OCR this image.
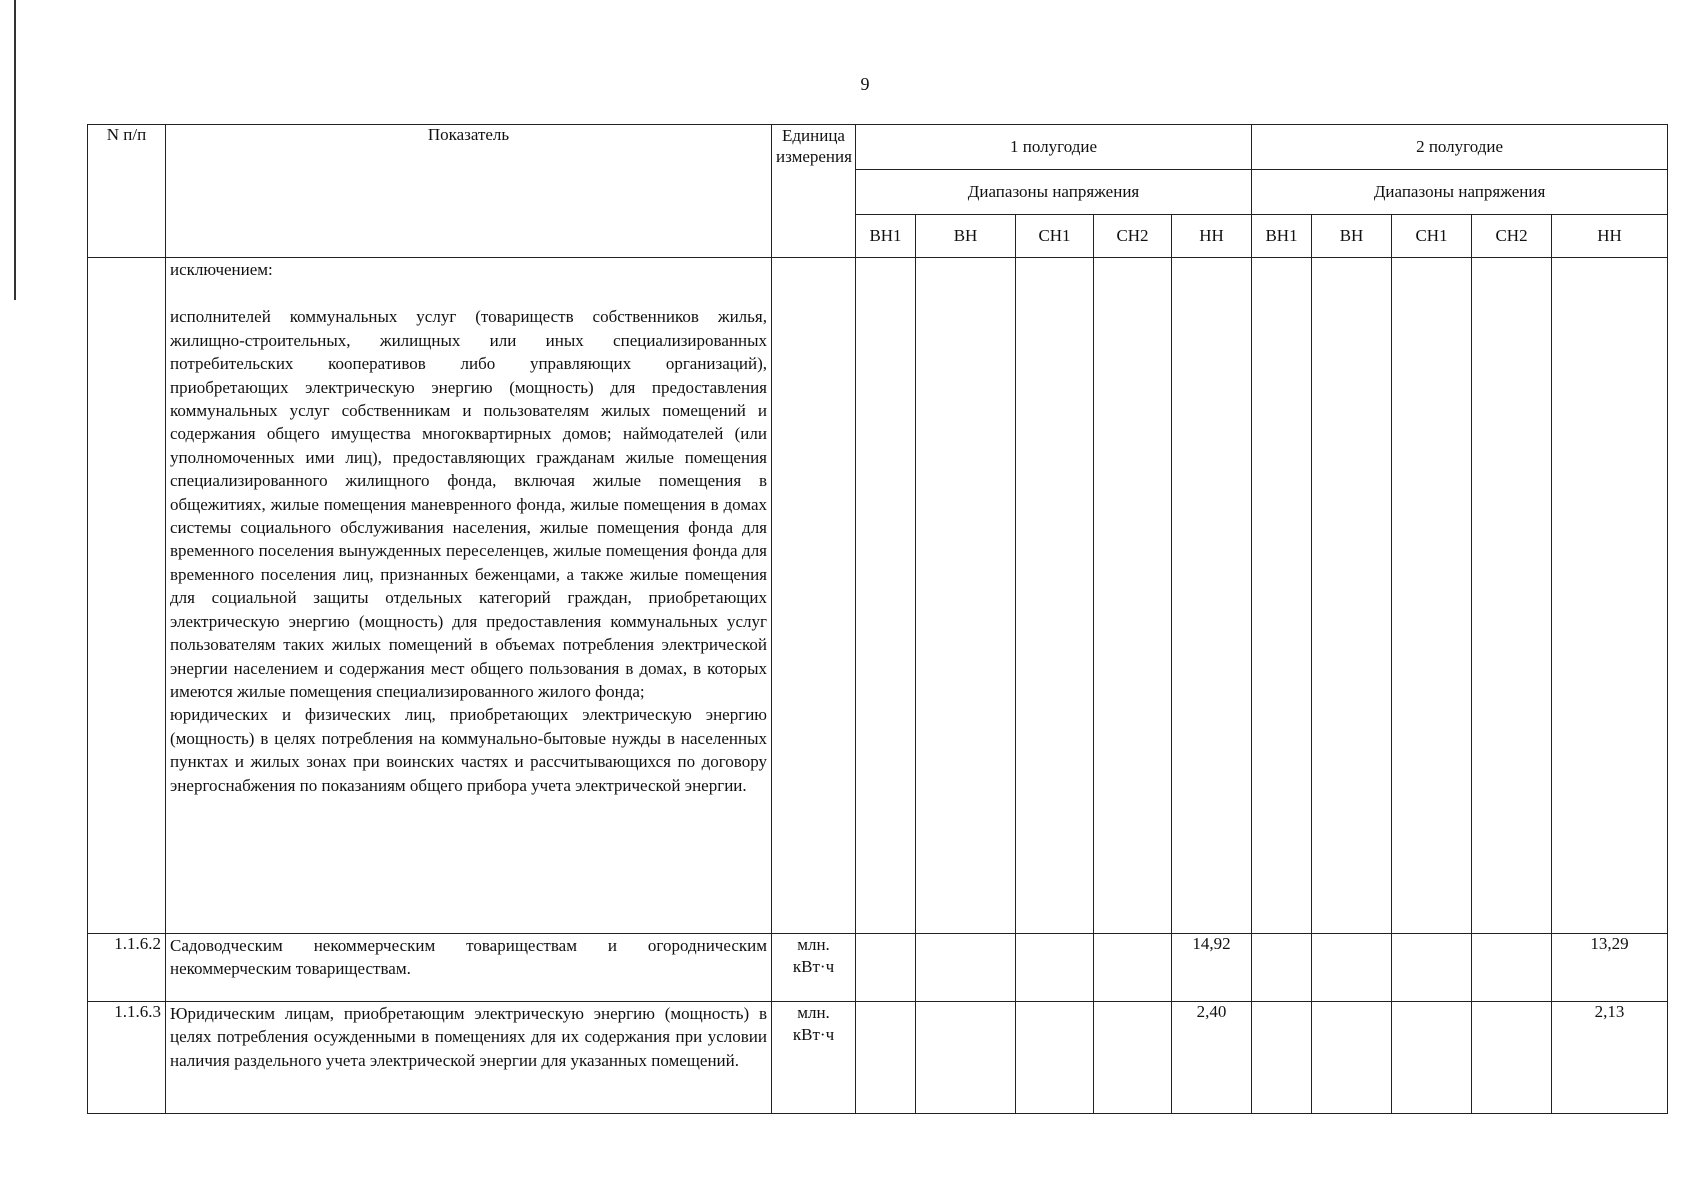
9
N п/п	Показатель	Единица измерения	1 полугодие					2 полугодие				
			Диапазоны напряжения					Диапазоны напряжения				
			ВН1	ВН	СН1	СН2	НН	ВН1	ВН	СН1	СН2	НН

	исключением:

исполнителей коммунальных услуг (товариществ собственников жилья, жилищно-строительных, жилищных или иных специализированных потребительских кооперативов либо управляющих организаций), приобретающих электрическую энергию (мощность) для предоставления коммунальных услуг собственникам и пользователям жилых помещений и содержания общего имущества многоквартирных домов; наймодателей (или уполномоченных ими лиц), предоставляющих гражданам жилые помещения специализированного жилищного фонда, включая жилые помещения в общежитиях, жилые помещения маневренного фонда, жилые помещения в домах системы социального обслуживания населения, жилые помещения фонда для временного поселения вынужденных переселенцев, жилые помещения фонда для временного поселения лиц, признанных беженцами, а также жилые помещения для социальной защиты отдельных категорий граждан, приобретающих электрическую энергию (мощность) для предоставления коммунальных услуг пользователям таких жилых помещений в объемах потребления электрической энергии населением и содержания мест общего пользования в домах, в которых имеются жилые помещения специализированного жилого фонда;

юридических и физических лиц, приобретающих электрическую энергию (мощность) в целях потребления на коммунально-бытовые нужды в населенных пунктах и жилых зонах при воинских частях и рассчитывающихся по договору энергоснабжения по показаниям общего прибора учета электрической энергии.											

1.1.6.2	Садоводческим некоммерческим товариществам и огородническим некоммерческим товариществам.	млн.
кВт·ч					14,92					13,29
1.1.6.3	Юридическим лицам, приобретающим электрическую энергию (мощность) в целях потребления осужденными в помещениях для их содержания при условии наличия раздельного учета электрической энергии для указанных помещений.	млн.
кВт·ч					2,40					2,13
